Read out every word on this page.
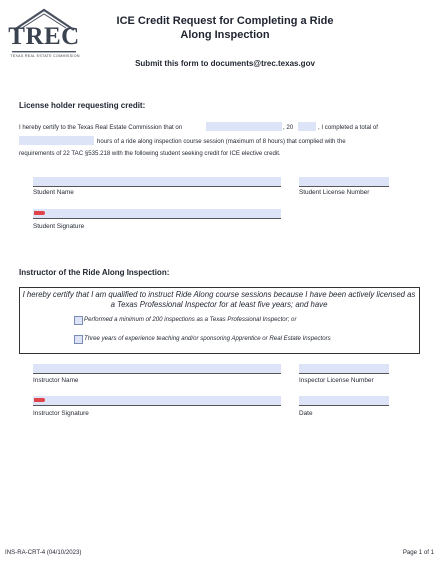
TREC
TEXAS REAL ESTATE COMMISSION
ICE Credit Request for Completing a Ride Along Inspection
Submit this form to documents@trec.texas.gov
License holder requesting credit:
I hereby certify to the Texas Real Estate Commission that on	, 20	, I completed a total of
hours of a ride along inspection course session (maximum of 8 hours) that complied with the
requirements of 22 TAC §535.218 with the following student seeking credit for ICE elective credit.
Student Name	Student License Number
Student Signature
Instructor of the Ride Along Inspection:
I hereby certify that I am qualified to instruct Ride Along course sessions because I have been actively licensed as a Texas Professional Inspector for at least five years; and have
Performed a minimum of 200 inspections as a Texas Professional Inspector; or
Three years of experience teaching and/or sponsoring Apprentice or Real Estate Inspectors
Instructor Name	Inspector License Number
Instructor Signature	Date
INS-RA-CRT-4 (04/10/2023)	Page 1 of 1
